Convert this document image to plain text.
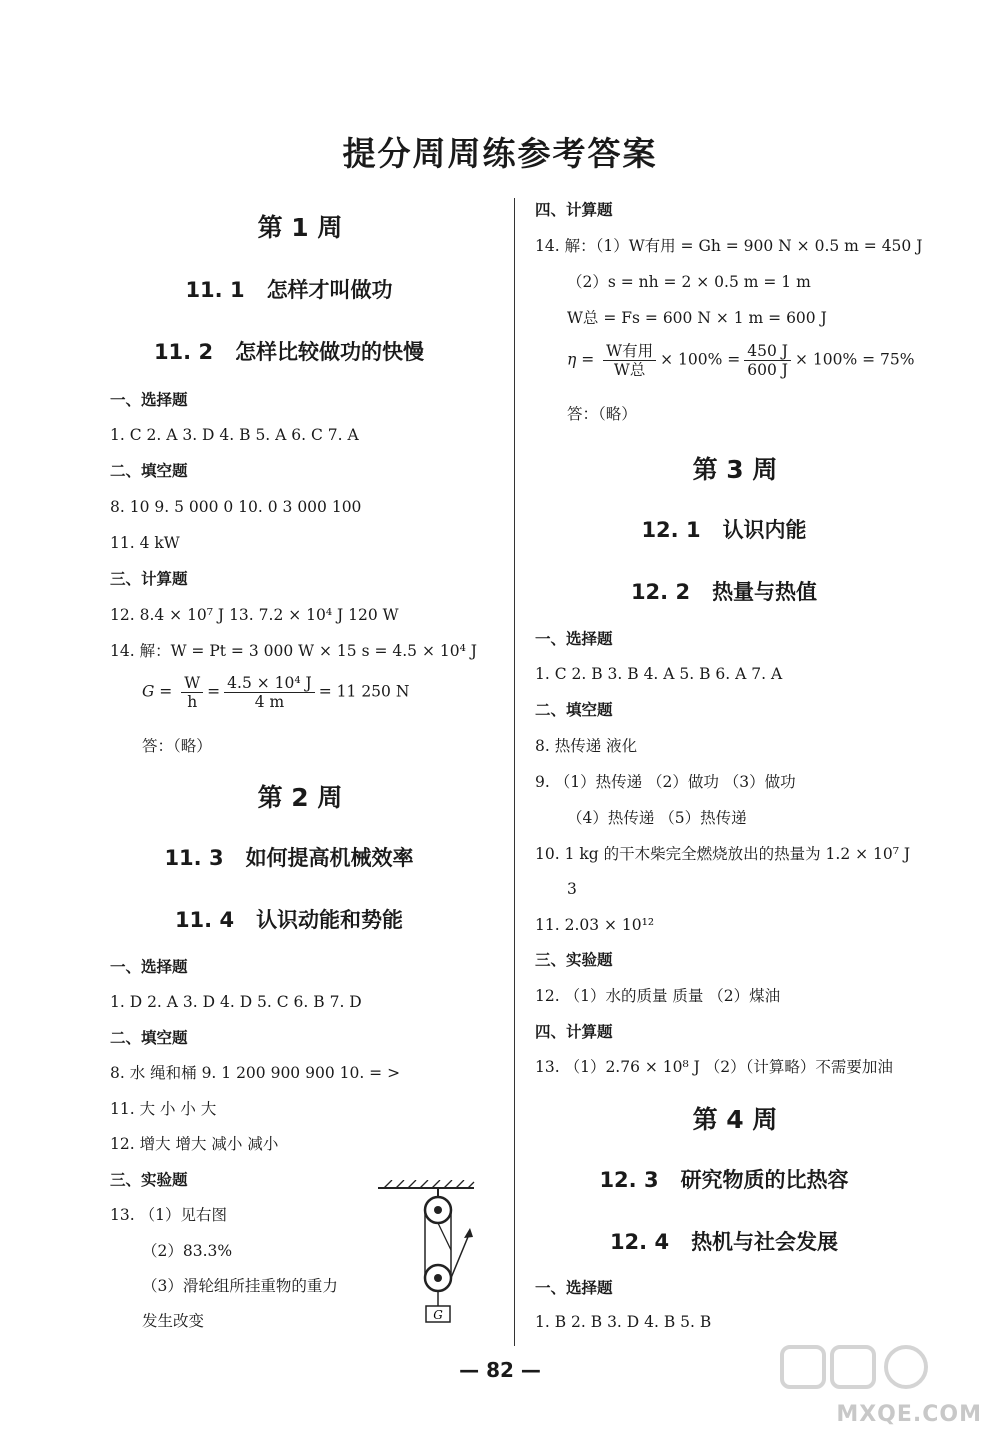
提分周周练参考答案
第 1 周
11. 1 怎样才叫做功
11. 2 怎样比较做功的快慢
一、选择题
1. C 2. A 3. D 4. B 5. A 6. C 7. A
二、填空题
8. 10 9. 5 000 0 10. 0 3 000 100
11. 4 kW
三、计算题
12. 8.4 × 10⁷ J 13. 7.2 × 10⁴ J 120 W
14. 解：W = Pt = 3 000 W × 15 s = 4.5 × 10⁴ J
$G = \frac{W}{h} = \frac{\text{4.5 × 10⁴ J}}{4 m} = 11$ 250 N
答：（略）
第 2 周
11. 3 如何提高机械效率
11. 4 认识动能和势能
一、选择题
1. D 2. A 3. D 4. D 5. C 6. B 7. D
二、填空题
8. 水 绳和桶 9. 1 200 900 900 10. = >
11. 大 小 小 大
12. 增大 增大 减小 减小
三、实验题
13. （1）见右图
（2）83.3%
（3）滑轮组所挂重物的重力
发生改变	G
四、计算题
14. 解：（1）W有用 = Gh = 900 N × 0.5 m = 450 J
（2）s = nh = 2 × 0.5 m = 1 m
W总 = Fs = 600 N × 1 m = 600 J
$\eta = \frac{\text{W有用}}{\text{W总}} \times 100\% = \frac{450 J}{600 J} \times 100\% = 75\%$
答：（略）
第 3 周
12. 1 认识内能
12. 2 热量与热值
一、选择题
1. C 2. B 3. B 4. A 5. B 6. A 7. A
二、填空题
8. 热传递 液化
9. （1）热传递 （2）做功 （3）做功
（4）热传递 （5）热传递
10. 1 kg 的干木柴完全燃烧放出的热量为 1.2 × 10⁷ J
3
11. 2.03 × 10¹²
三、实验题
12. （1）水的质量 质量 （2）煤油
四、计算题
13. （1）2.76 × 10⁸ J （2）（计算略）不需要加油
第 4 周
12. 3 研究物质的比热容
12. 4 热机与社会发展
一、选择题
1. B 2. B 3. D 4. B 5. B
— 82 —
MXQE.COM
